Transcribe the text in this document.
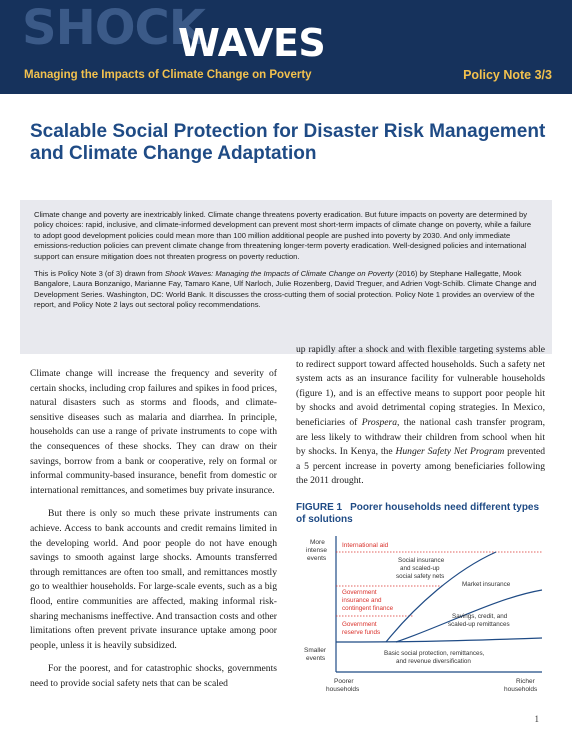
SHOCK
WAVES
Managing the Impacts of Climate Change on Poverty	Policy Note 3/3
Scalable Social Protection for Disaster Risk Management and Climate Change Adaptation

Climate change and poverty are inextricably linked. Climate change threatens poverty eradication. But future impacts on poverty are determined by policy choices: rapid, inclusive, and climate-informed development can prevent most short-term impacts of climate change on poverty, while a failure to adopt good development policies could mean more than 100 million additional people are pushed into poverty by 2030. And only immediate emissions-reduction policies can prevent climate change from threatening longer-term poverty eradication. Well-designed policies and international support can ensure mitigation does not threaten progress on poverty reduction.

This is Policy Note 3 (of 3) drawn from Shock Waves: Managing the Impacts of Climate Change on Poverty (2016) by Stephane Hallegatte, Mook Bangalore, Laura Bonzanigo, Marianne Fay, Tamaro Kane, Ulf Narloch, Julie Rozenberg, David Treguer, and Adrien Vogt-Schilb. Climate Change and Development Series. Washington, DC: World Bank. It discusses the cross-cutting them of social protection. Policy Note 1 provides an overview of the report, and Policy Note 2 lays out sectoral policy recommendations.

Climate change will increase the frequency and severity of certain shocks, including crop failures and spikes in food prices, natural disasters such as storms and floods, and climate-sensitive diseases such as malaria and diarrhea. In principle, households can use a range of private instruments to cope with the consequences of these shocks. They can draw on their savings, borrow from a bank or cooperative, rely on formal or informal community-based insurance, benefit from domestic or international remittances, and sometimes buy private insurance.

But there is only so much these private instruments can achieve. Access to bank accounts and credit remains limited in the developing world. And poor people do not have enough savings to smooth against large shocks. Amounts transferred through remittances are often too small, and remittances mostly go to wealthier households. For large-scale events, such as a big flood, entire communities are affected, making informal risk-sharing mechanisms ineffective. And transaction costs and other limitations often prevent private insurance uptake among poor people, unless it is heavily subsidized.

For the poorest, and for catastrophic shocks, governments need to provide social safety nets that can be scaled

up rapidly after a shock and with flexible targeting systems able to redirect support toward affected households. Such a safety net system acts as an insurance facility for vulnerable households (figure 1), and is an effective means to support poor people hit by shocks and avoid detrimental coping strategies. In Mexico, beneficiaries of Prospera, the national cash transfer program, are less likely to withdraw their children from school when hit by shocks. In Kenya, the Hunger Safety Net Program prevented a 5 percent increase in poverty among beneficiaries following the 2011 drought.

FIGURE 1 Poorer households need different types of solutions
More
intense
events
Smaller
events
Poorer
households
Richer
households
International aid
Social insurance
and scaled-up
social safety nets
Market insurance
Government
insurance and
contingent finance
Savings, credit, and
scaled-up remittances
Government
reserve funds
Basic social protection, remittances,
and revenue diversification
1
